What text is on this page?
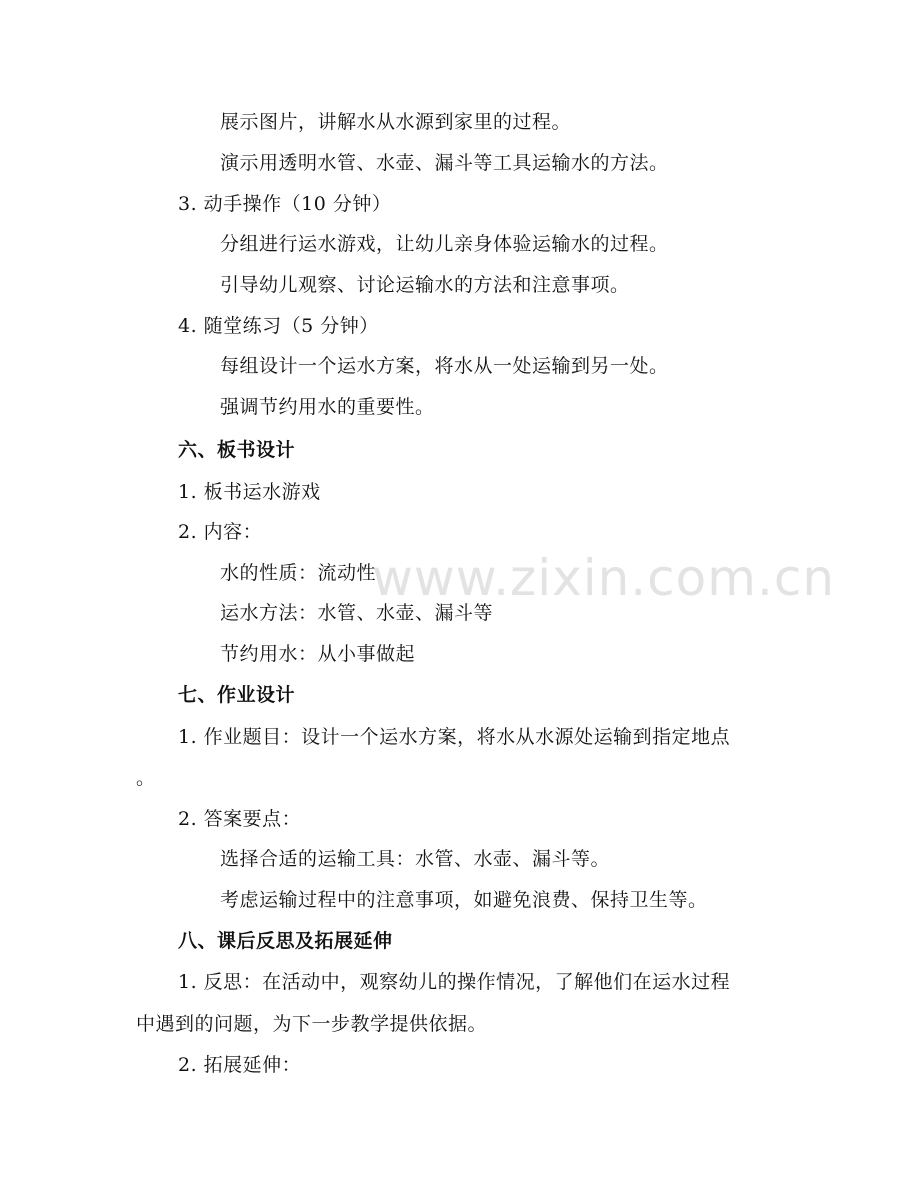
www.zixin.com.cn
展示图片，讲解水从水源到家里的过程。
演示用透明水管、水壶、漏斗等工具运输水的方法。
3. 动手操作（10 分钟）
分组进行运水游戏，让幼儿亲身体验运输水的过程。
引导幼儿观察、讨论运输水的方法和注意事项。
4. 随堂练习（5 分钟）
每组设计一个运水方案，将水从一处运输到另一处。
强调节约用水的重要性。
六、板书设计
1. 板书运水游戏
2. 内容：
水的性质：流动性
运水方法：水管、水壶、漏斗等
节约用水：从小事做起
七、作业设计
1. 作业题目：设计一个运水方案，将水从水源处运输到指定地点
。
2. 答案要点：
选择合适的运输工具：水管、水壶、漏斗等。
考虑运输过程中的注意事项，如避免浪费、保持卫生等。
八、课后反思及拓展延伸
1. 反思：在活动中，观察幼儿的操作情况，了解他们在运水过程
中遇到的问题，为下一步教学提供依据。
2. 拓展延伸：
